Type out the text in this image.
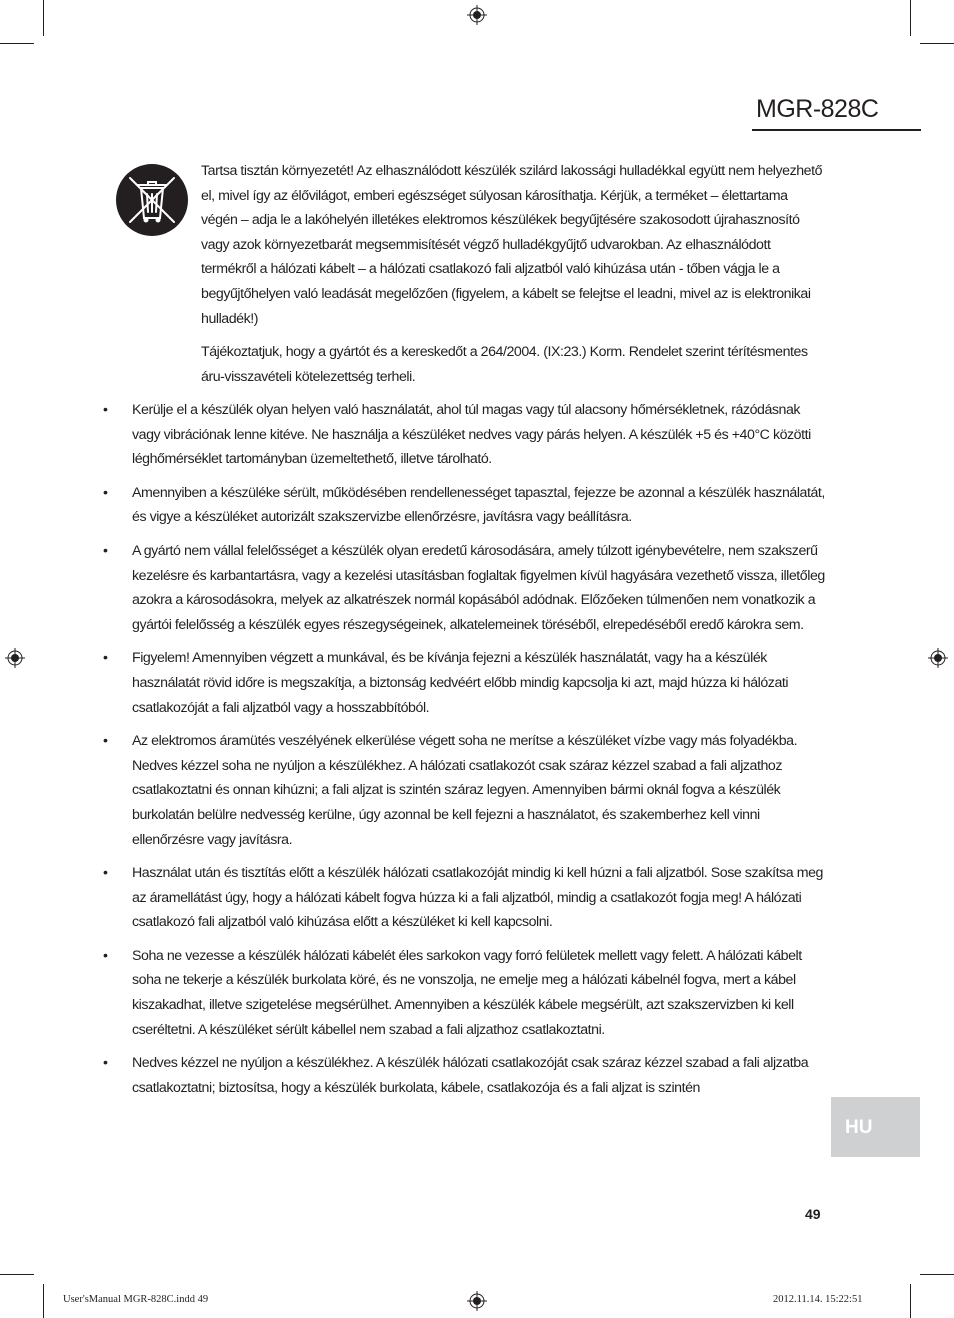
MGR-828C

Tartsa tisztán környezetét! Az elhasználódott készülék szilárd lakossági hulladékkal együtt nem helyezhető el, mivel így az élővilágot, emberi egészséget súlyosan károsíthatja. Kérjük, a terméket – élettartama végén – adja le a lakóhelyén illetékes elektromos készülékek begyűjtésére szakosodott újrahasznosító vagy azok környezetbarát megsemmisítését végző hulladékgyűjtő udvarokban. Az elhasználódott termékről a hálózati kábelt – a hálózati csatlakozó fali aljzatból való kihúzása után - tőben vágja le a begyűjtőhelyen való leadását megelőzően (figyelem, a kábelt se felejtse el leadni, mivel az is elektronikai hulladék!)

Tájékoztatjuk, hogy a gyártót és a kereskedőt a 264/2004. (IX:23.) Korm. Rendelet szerint térítésmentes áru-visszavételi kötelezettség terheli.

• Kerülje el a készülék olyan helyen való használatát, ahol túl magas vagy túl alacsony hőmérsékletnek, rázódásnak vagy vibrációnak lenne kitéve. Ne használja a készüléket nedves vagy párás helyen. A készülék +5 és +40°C közötti léghőmérséklet tartományban üzemeltethető, illetve tárolható.
• Amennyiben a készüléke sérült, működésében rendellenességet tapasztal, fejezze be azonnal a készülék használatát, és vigye a készüléket autorizált szakszervizbe ellenőrzésre, javításra vagy beállításra.
• A gyártó nem vállal felelősséget a készülék olyan eredetű károsodására, amely túlzott igénybevételre, nem szakszerű kezelésre és karbantartásra, vagy a kezelési utasításban foglaltak figyelmen kívül hagyására vezethető vissza, illetőleg azokra a károsodásokra, melyek az alkatrészek normál kopásából adódnak. Előzőeken túlmenően nem vonatkozik a gyártói felelősség a készülék egyes részegységeinek, alkatelemeinek töréséből, elrepedéséből eredő károkra sem.
• Figyelem! Amennyiben végzett a munkával, és be kívánja fejezni a készülék használatát, vagy ha a készülék használatát rövid időre is megszakítja, a biztonság kedvéért előbb mindig kapcsolja ki azt, majd húzza ki hálózati csatlakozóját a fali aljzatból vagy a hosszabbítóból.
• Az elektromos áramütés veszélyének elkerülése végett soha ne merítse a készüléket vízbe vagy más folyadékba. Nedves kézzel soha ne nyúljon a készülékhez. A hálózati csatlakozót csak száraz kézzel szabad a fali aljzathoz csatlakoztatni és onnan kihúzni; a fali aljzat is szintén száraz legyen. Amennyiben bármi oknál fogva a készülék burkolatán belülre nedvesség kerülne, úgy azonnal be kell fejezni a használatot, és szakemberhez kell vinni ellenőrzésre vagy javításra.
• Használat után és tisztítás előtt a készülék hálózati csatlakozóját mindig ki kell húzni a fali aljzatból. Sose szakítsa meg az áramellátást úgy, hogy a hálózati kábelt fogva húzza ki a fali aljzatból, mindig a csatlakozót fogja meg! A hálózati csatlakozó fali aljzatból való kihúzása előtt a készüléket ki kell kapcsolni.
• Soha ne vezesse a készülék hálózati kábelét éles sarkokon vagy forró felületek mellett vagy felett. A hálózati kábelt soha ne tekerje a készülék burkolata köré, és ne vonszolja, ne emelje meg a hálózati kábelnél fogva, mert a kábel kiszakadhat, illetve szigetelése megsérülhet. Amennyiben a készülék kábele megsérült, azt szakszervizben ki kell cseréltetni. A készüléket sérült kábellel nem szabad a fali aljzathoz csatlakoztatni.
• Nedves kézzel ne nyúljon a készülékhez. A készülék hálózati csatlakozóját csak száraz kézzel szabad a fali aljzatba csatlakoztatni; biztosítsa, hogy a készülék burkolata, kábele, csatlakozója és a fali aljzat is szintén
HU
49
User'sManual MGR-828C.indd 49	2012.11.14. 15:22:51
